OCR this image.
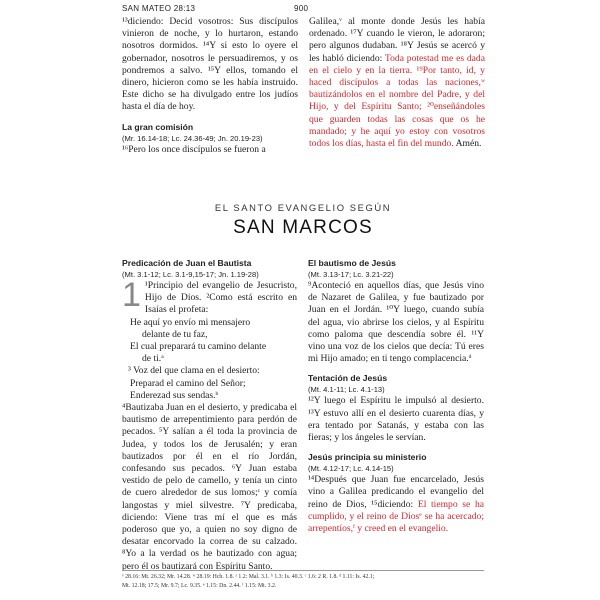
SAN MATEO 28:13	900

¹³diciendo: Decid vosotros: Sus discípulos vinieron de noche, y lo hurtaron, estando nosotros dormidos. ¹⁴Y si esto lo oyere el gobernador, nosotros le persuadiremos, y os pondremos a salvo. ¹⁵Y ellos, tomando el dinero, hicieron como se les había instruido. Este dicho se ha divulgado entre los judíos hasta el día de hoy.

La gran comisión
(Mr. 16.14-18; Lc. 24.36-49; Jn. 20.19-23)

¹⁶Pero los once discípulos se fueron a

Galilea,$^v$ al monte donde Jesús les había ordenado. ¹⁷Y cuando le vieron, le adoraron; pero algunos dudaban. ¹⁸Y Jesús se acercó y les habló diciendo: Toda potestad me es dada en el cielo y en la tierra. ¹⁹Por tanto, id, y haced discípulos a todas las naciones,$^w$ bautizándolos en el nombre del Padre, y del Hijo, y del Espíritu Santo; ²⁰enseñándoles que guarden todas las cosas que os he mandado; y he aquí yo estoy con vosotros todos los días, hasta el fin del mundo. Amén.

EL SANTO EVANGELIO SEGÚN
SAN MARCOS
Predicación de Juan el Bautista
(Mt. 3.1-12; Lc. 3.1-9,15-17; Jn. 1.19-28)

1 ¹Principio del evangelio de Jesucristo, Hijo de Dios. ²Como está escrito en Isaías el profeta:

He aquí yo envío mi mensajero
delante de tu faz,
El cual preparará tu camino delante
de ti.$^a$
³ Voz del que clama en el desierto:
Preparad el camino del Señor;
Enderezad sus sendas.$^b$

⁴Bautizaba Juan en el desierto, y predicaba el bautismo de arrepentimiento para perdón de pecados. ⁵Y salían a él toda la provincia de Judea, y todos los de Jerusalén; y eran bautizados por él en el río Jordán, confesando sus pecados. ⁶Y Juan estaba vestido de pelo de camello, y tenía un cinto de cuero alrededor de sus lomos;$^c$ y comía langostas y miel silvestre. ⁷Y predicaba, diciendo: Viene tras mí el que es más poderoso que yo, a quien no soy digno de desatar encorvado la correa de su calzado. ⁸Yo a la verdad os he bautizado con agua; pero él os bautizará con Espíritu Santo.

El bautismo de Jesús
(Mt. 3.13-17; Lc. 3.21-22)

⁹Aconteció en aquellos días, que Jesús vino de Nazaret de Galilea, y fue bautizado por Juan en el Jordán. ¹⁰Y luego, cuando subía del agua, vio abrirse los cielos, y al Espíritu como paloma que descendía sobre él. ¹¹Y vino una voz de los cielos que decía: Tú eres mi Hijo amado; en ti tengo complacencia.$^d$

Tentación de Jesús
(Mt. 4.1-11; Lc. 4.1-13)

¹²Y luego el Espíritu le impulsó al desierto. ¹³Y estuvo allí en el desierto cuarenta días, y era tentado por Satanás, y estaba con las fieras; y los ángeles le servían.

Jesús principia su ministerio
(Mt. 4.12-17; Lc. 4.14-15)

¹⁴Después que Juan fue encarcelado, Jesús vino a Galilea predicando el evangelio del reino de Dios, ¹⁵diciendo: El tiempo se ha cumplido, y el reino de Dios$^e$ se ha acercado; arrepentíos,$^f$ y creed en el evangelio.

ᵛ 28.16: Mt. 26.32; Mr. 14.28. ʷ 28.19: Hch. 1.8. ᵃ 1.2: Mal. 3.1. ᵇ 1.3: Is. 40.3. ᶜ 1.6: 2 R. 1.8. ᵈ 1.11: Is. 42.1;
Mt. 12.18; 17.5; Mr. 9.7; Lc. 9.35. ᵉ 1.15: Dn. 2.44. ᶠ 1.15: Mt. 3.2.
